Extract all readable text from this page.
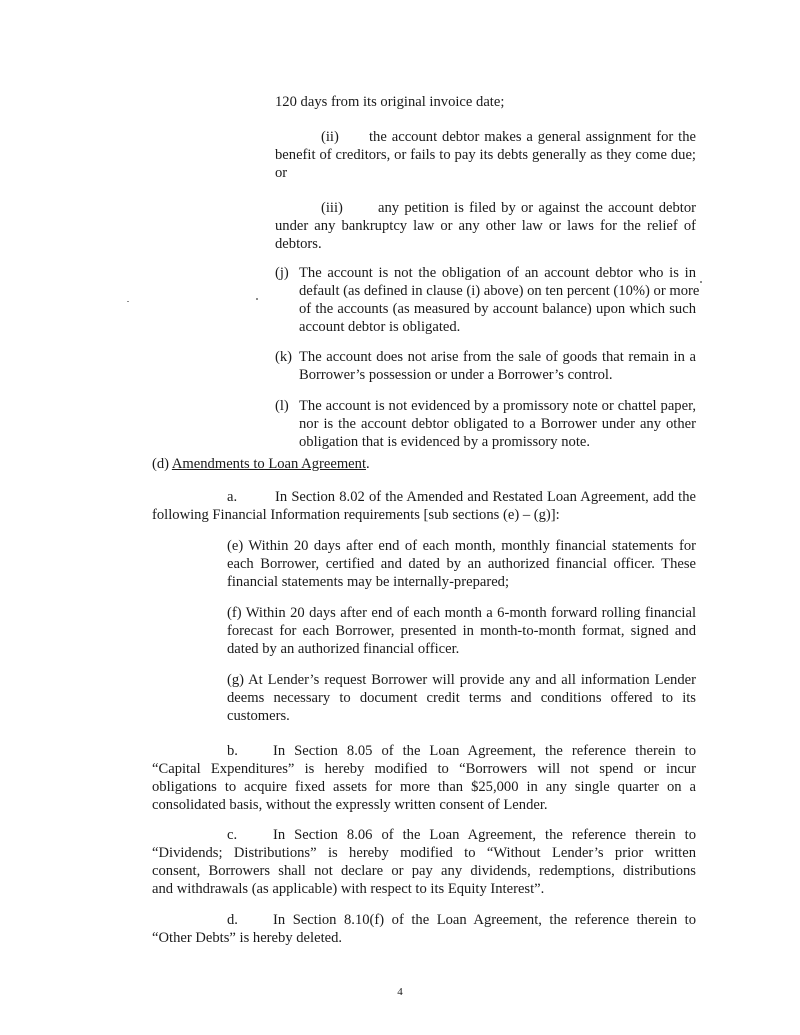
120 days from its original invoice date;
(ii) the account debtor makes a general assignment for the
benefit of creditors, or fails to pay its debts generally as they come due;
or
(iii) any petition is filed by or against the account debtor
under any bankruptcy law or any other law or laws for the relief of
debtors.
(j) The account is not the obligation of an account debtor who is in
default (as defined in clause (i) above) on ten percent (10%) or more
of the accounts (as measured by account balance) upon which such
account debtor is obligated.
(k) The account does not arise from the sale of goods that remain in a
Borrower’s possession or under a Borrower’s control.
(l) The account is not evidenced by a promissory note or chattel paper,
nor is the account debtor obligated to a Borrower under any other
obligation that is evidenced by a promissory note.
(d) Amendments to Loan Agreement.
a.	In Section 8.02 of the Amended and Restated Loan Agreement, add the
following Financial Information requirements [sub sections (e) – (g)]:
(e) Within 20 days after end of each month, monthly financial statements for
each Borrower, certified and dated by an authorized financial officer. These
financial statements may be internally-prepared;
(f) Within 20 days after end of each month a 6-month forward rolling financial
forecast for each Borrower, presented in month-to-month format, signed and
dated by an authorized financial officer.
(g) At Lender’s request Borrower will provide any and all information Lender
deems necessary to document credit terms and conditions offered to its
customers.
b. In Section 8.05 of the Loan Agreement, the reference therein to
“Capital Expenditures” is hereby modified to “Borrowers will not spend or incur
obligations to acquire fixed assets for more than $25,000 in any single quarter on a
consolidated basis, without the expressly written consent of Lender.
c. In Section 8.06 of the Loan Agreement, the reference therein to
“Dividends; Distributions” is hereby modified to “Without Lender’s prior written
consent, Borrowers shall not declare or pay any dividends, redemptions, distributions
and withdrawals (as applicable) with respect to its Equity Interest”.
d. In Section 8.10(f) of the Loan Agreement, the reference therein to
“Other Debts” is hereby deleted.
4
